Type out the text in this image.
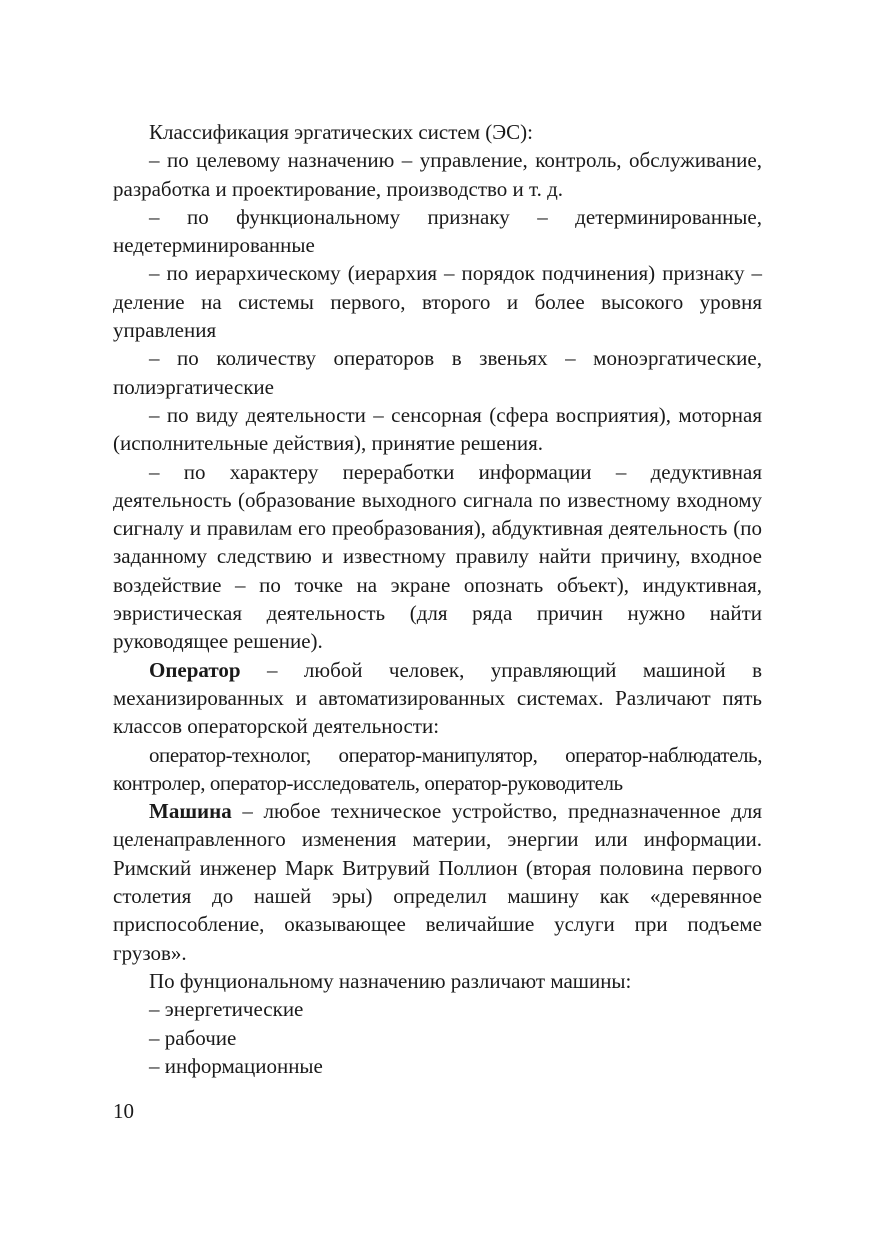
Классификация эргатических систем (ЭС):

– по целевому назначению – управление, контроль, обслуживание, разработка и проектирование, производство и т. д.

– по функциональному признаку – детерминированные, недетерминированные

– по иерархическому (иерархия – порядок подчинения) признаку – деление на системы первого, второго и более высокого уровня управления

– по количеству операторов в звеньях – моноэргатические, полиэргатические

– по виду деятельности – сенсорная (сфера восприятия), моторная (исполнительные действия), принятие решения.

– по характеру переработки информации – дедуктивная деятельность (образование выходного сигнала по известному входному сигналу и правилам его преобразования), абдуктивная деятельность (по заданному следствию и известному правилу найти причину, входное воздействие – по точке на экране опознать объект), индуктивная, эвристическая деятельность (для ряда причин нужно найти руководящее решение).

Оператор – любой человек, управляющий машиной в механизированных и автоматизированных системах. Различают пять классов операторской деятельности:

оператор-технолог, оператор-манипулятор, оператор-наблюдатель, контролер, оператор-исследователь, оператор-руководитель

Машина – любое техническое устройство, предназначенное для целенаправленного изменения материи, энергии или информации. Римский инженер Марк Витрувий Поллион (вторая половина первого столетия до нашей эры) определил машину как «деревянное приспособление, оказывающее величайшие услуги при подъеме грузов».

По фунциональному назначению различают машины:

– энергетические

– рабочие

– информационные

10
